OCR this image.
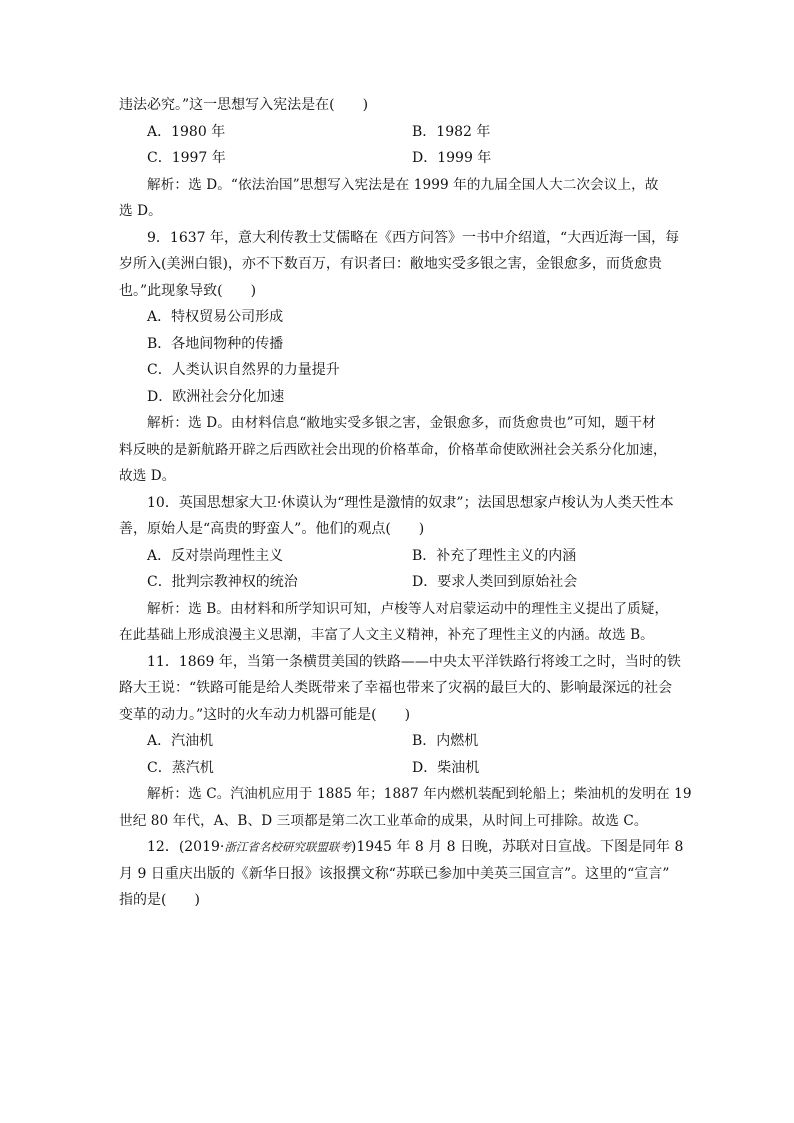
违法必究。”这一思想写入宪法是在(　　)
A．1980 年	B．1982 年
C．1997 年	D．1999 年
解析：选 D。“依法治国”思想写入宪法是在 1999 年的九届全国人大二次会议上，故
选 D。
9．1637 年，意大利传教士艾儒略在《西方问答》一书中介绍道，“大西近海一国，每
岁所入(美洲白银)，亦不下数百万，有识者曰：敝地实受多银之害，金银愈多，而货愈贵
也。”此现象导致(　　)
A．特权贸易公司形成
B．各地间物种的传播
C．人类认识自然界的力量提升
D．欧洲社会分化加速
解析：选 D。由材料信息“敝地实受多银之害，金银愈多，而货愈贵也”可知，题干材
料反映的是新航路开辟之后西欧社会出现的价格革命，价格革命使欧洲社会关系分化加速，
故选 D。
10．英国思想家大卫·休谟认为“理性是激情的奴隶”；法国思想家卢梭认为人类天性本
善，原始人是“高贵的野蛮人”。他们的观点(　　)
A．反对崇尚理性主义	B．补充了理性主义的内涵
C．批判宗教神权的统治	D．要求人类回到原始社会
解析：选 B。由材料和所学知识可知，卢梭等人对启蒙运动中的理性主义提出了质疑，
在此基础上形成浪漫主义思潮，丰富了人文主义精神，补充了理性主义的内涵。故选 B。
11．1869 年，当第一条横贯美国的铁路——中央太平洋铁路行将竣工之时，当时的铁
路大王说：“铁路可能是给人类既带来了幸福也带来了灾祸的最巨大的、影响最深远的社会
变革的动力。”这时的火车动力机器可能是(　　)
A．汽油机	B．内燃机
C．蒸汽机	D．柴油机
解析：选 C。汽油机应用于 1885 年；1887 年内燃机装配到轮船上；柴油机的发明在 19
世纪 80 年代，A、B、D 三项都是第二次工业革命的成果，从时间上可排除。故选 C。
12．(2019·浙江省名校研究联盟联考)1945 年 8 月 8 日晚，苏联对日宣战。下图是同年 8
月 9 日重庆出版的《新华日报》该报撰文称“苏联已参加中美英三国宣言”。这里的“宣言”
指的是(　　)
